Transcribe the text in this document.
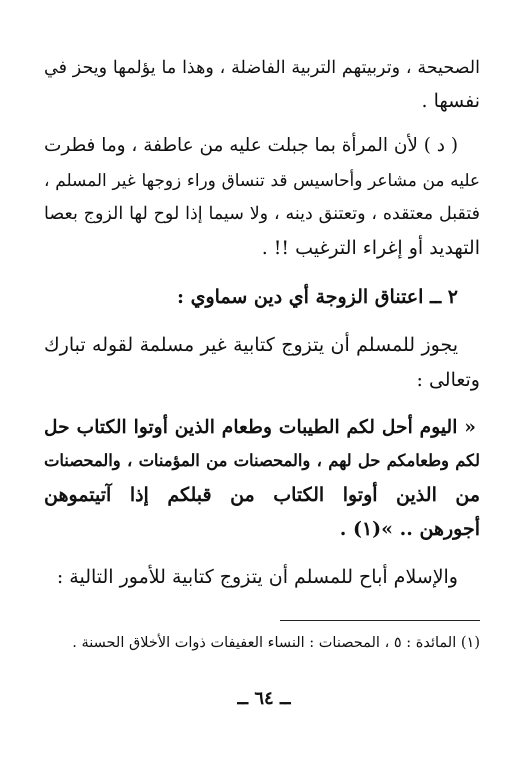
الصحيحة ، وتربيتهم التربية الفاضلة ، وهذا ما يؤلمها ويحز في
نفسها .
( د ) لأن المرأة بما جبلت عليه من عاطفة ، وما فطرت
عليه من مشاعر وأحاسيس قد تنساق وراء زوجها غير المسلم ،
فتقبل معتقده ، وتعتنق دينه ، ولا سيما إذا لوح لها الزوج بعصا
التهديد أو إغراء الترغيب !! .
٢ ــ اعتناق الزوجة أي دين سماوي :
يجوز للمسلم أن يتزوج كتابية غير مسلمة لقوله تبارك
وتعالى :
« اليوم أحل لكم الطيبات وطعام الذين أوتوا الكتاب حل
لكم وطعامكم حل لهم ، والمحصنات من المؤمنات ، والمحصنات
من الذين أوتوا الكتاب من قبلكم إذا آتيتموهن
أجورهن .. »(١) .
والإسلام أباح للمسلم أن يتزوج كتابية للأمور التالية :
(١) المائدة : ٥ ، المحصنات : النساء العفيفات ذوات الأخلاق الحسنة .
ــ ٦٤ ــ
